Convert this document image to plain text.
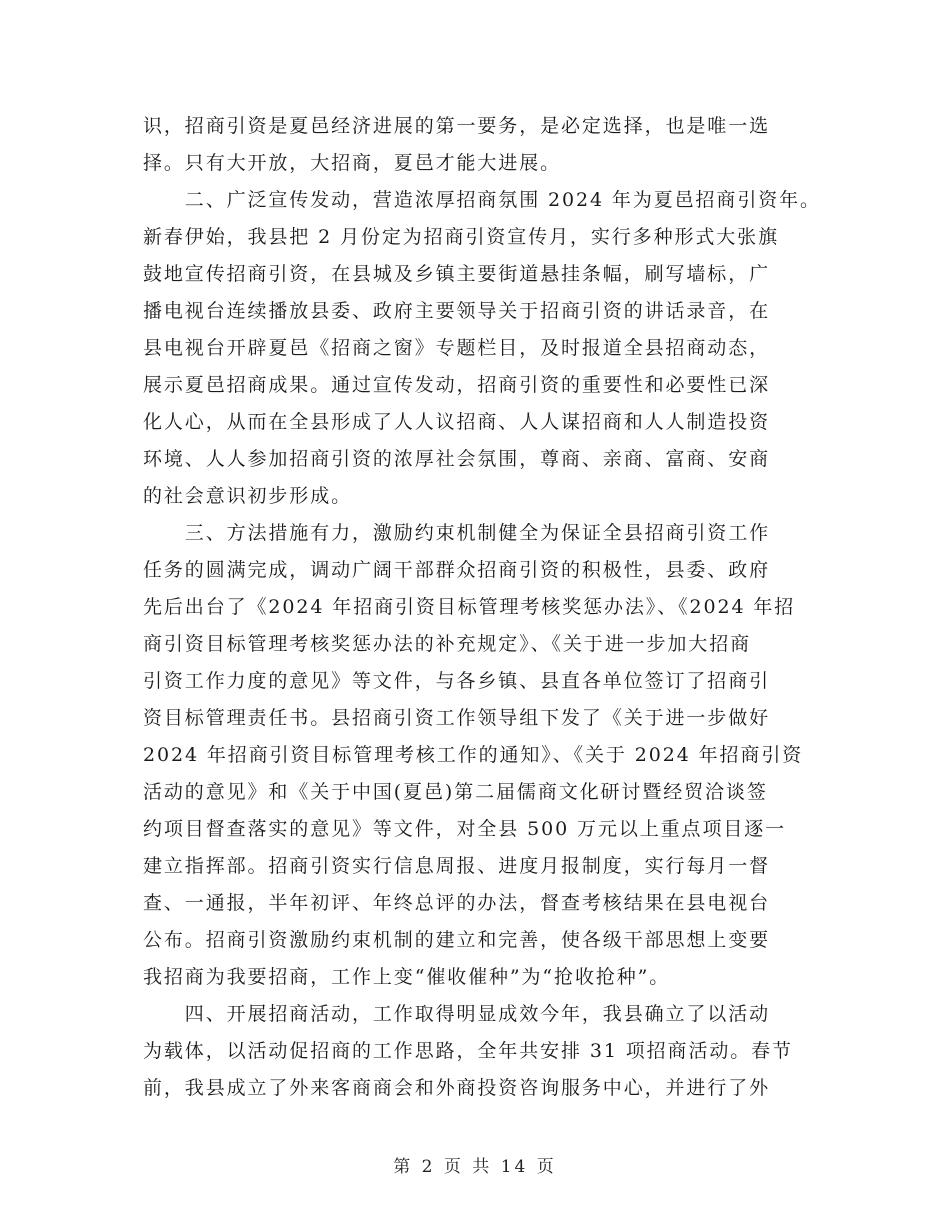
识，招商引资是夏邑经济进展的第一要务，是必定选择，也是唯一选
择。只有大开放，大招商，夏邑才能大进展。
　　二、广泛宣传发动，营造浓厚招商氛围 2024 年为夏邑招商引资年。
新春伊始，我县把 2 月份定为招商引资宣传月，实行多种形式大张旗
鼓地宣传招商引资，在县城及乡镇主要街道悬挂条幅，刷写墙标，广
播电视台连续播放县委、政府主要领导关于招商引资的讲话录音，在
县电视台开辟夏邑《招商之窗》专题栏目，及时报道全县招商动态，
展示夏邑招商成果。通过宣传发动，招商引资的重要性和必要性已深
化人心，从而在全县形成了人人议招商、人人谋招商和人人制造投资
环境、人人参加招商引资的浓厚社会氛围，尊商、亲商、富商、安商
的社会意识初步形成。
　　三、方法措施有力，激励约束机制健全为保证全县招商引资工作
任务的圆满完成，调动广阔干部群众招商引资的积极性，县委、政府
先后出台了《2024 年招商引资目标管理考核奖惩办法》、《2024 年招
商引资目标管理考核奖惩办法的补充规定》、《关于进一步加大招商
引资工作力度的意见》等文件，与各乡镇、县直各单位签订了招商引
资目标管理责任书。县招商引资工作领导组下发了《关于进一步做好
2024 年招商引资目标管理考核工作的通知》、《关于 2024 年招商引资
活动的意见》和《关于中国(夏邑)第二届儒商文化研讨暨经贸洽谈签
约项目督查落实的意见》等文件，对全县 500 万元以上重点项目逐一
建立指挥部。招商引资实行信息周报、进度月报制度，实行每月一督
查、一通报，半年初评、年终总评的办法，督查考核结果在县电视台
公布。招商引资激励约束机制的建立和完善，使各级干部思想上变要
我招商为我要招商，工作上变“催收催种”为“抢收抢种”。
　　四、开展招商活动，工作取得明显成效今年，我县确立了以活动
为载体，以活动促招商的工作思路，全年共安排 31 项招商活动。春节
前，我县成立了外来客商商会和外商投资咨询服务中心，并进行了外
第 2 页 共 14 页
